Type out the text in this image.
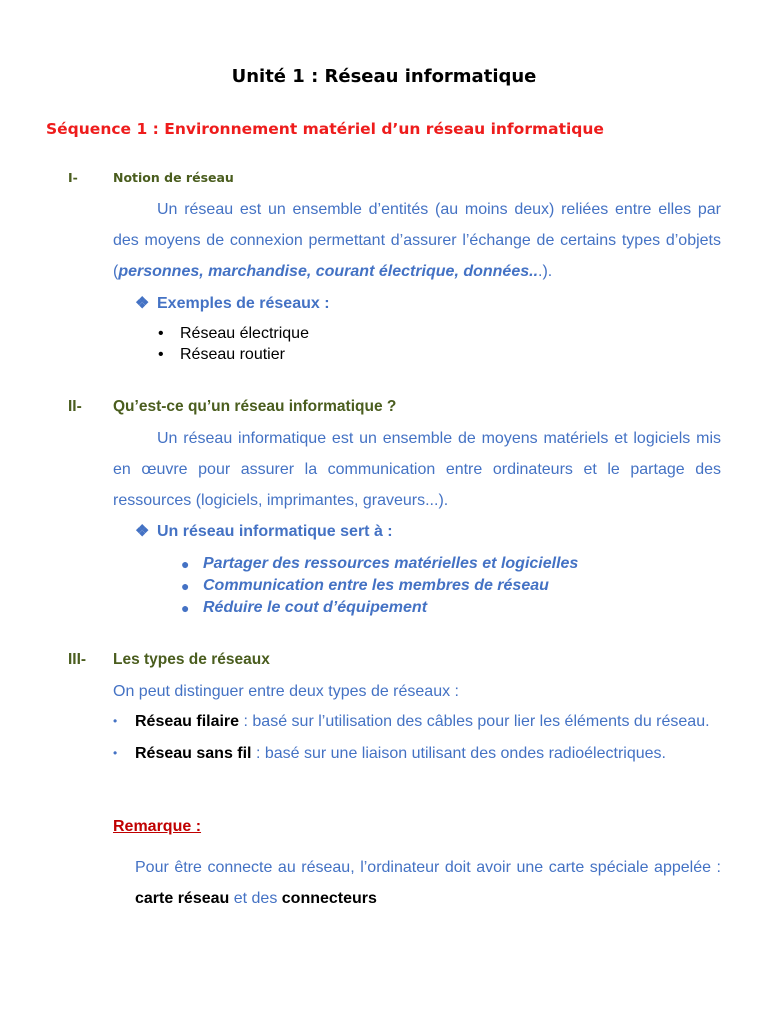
Unité 1 : Réseau informatique
Séquence 1 : Environnement matériel d’un réseau informatique
I-	Notion de réseau
Un réseau est un ensemble d’entités (au moins deux) reliées entre elles par des moyens de connexion permettant d’assurer l’échange de certains types d’objets (personnes, marchandise, courant électrique, données...).
❖ Exemples de réseaux :
•	Réseau électrique
•	Réseau routier
II- Qu’est-ce qu’un réseau informatique ?
Un réseau informatique est un ensemble de moyens matériels et logiciels mis en œuvre pour assurer la communication entre ordinateurs et le partage des ressources (logiciels, imprimantes, graveurs...).
❖ Un réseau informatique sert à :
● Partager des ressources matérielles et logicielles
● Communication entre les membres de réseau
● Réduire le cout d’équipement
III- Les types de réseaux
On peut distinguer entre deux types de réseaux :
•	Réseau filaire : basé sur l’utilisation des câbles pour lier les éléments du réseau.
•	Réseau sans fil : basé sur une liaison utilisant des ondes radioélectriques.
Remarque :
Pour être connecte au réseau, l’ordinateur doit avoir une carte spéciale appelée : carte réseau et des connecteurs
